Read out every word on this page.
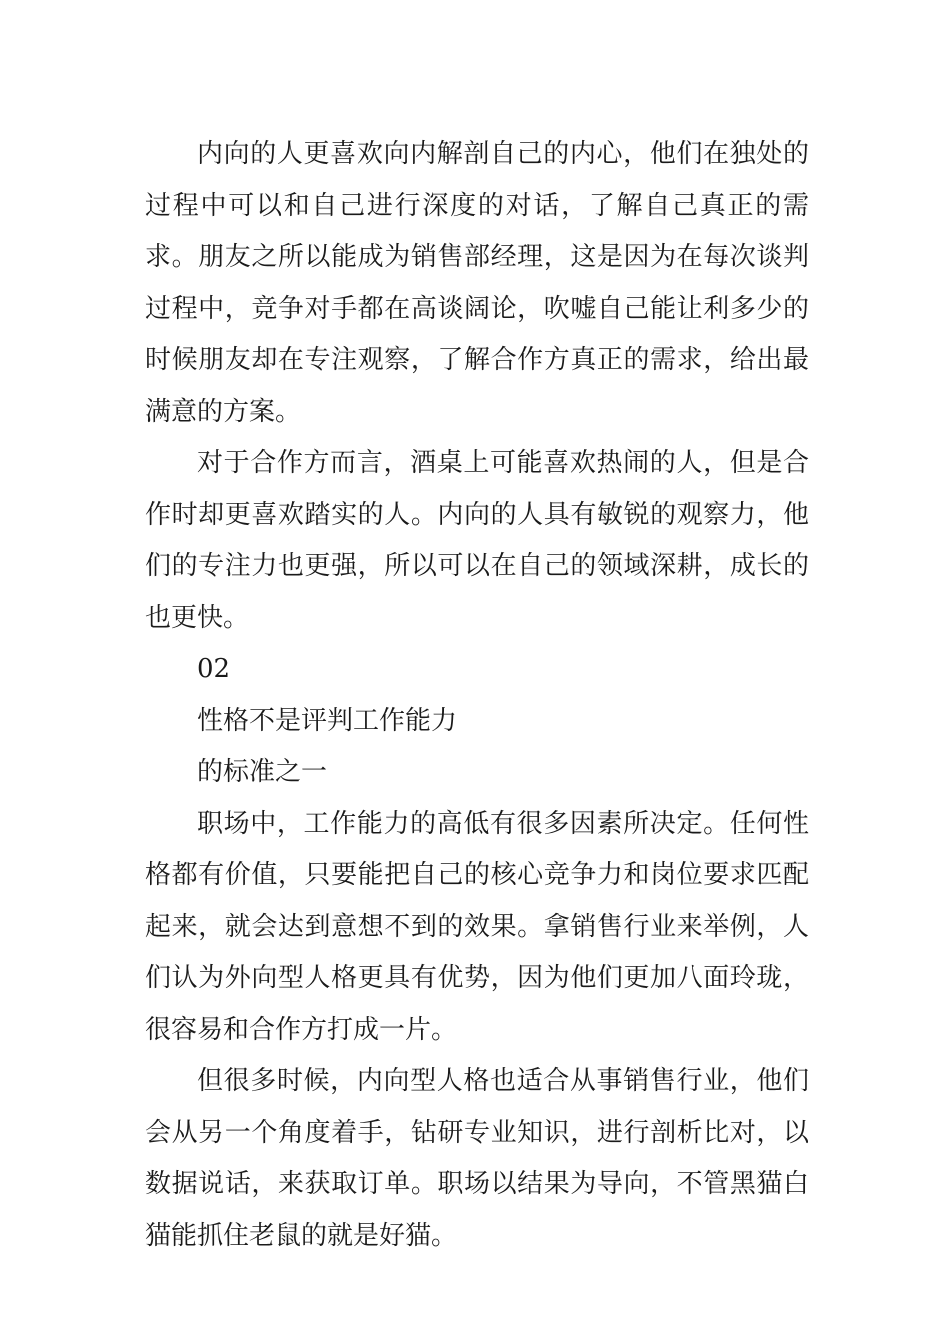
内向的人更喜欢向内解剖自己的内心，他们在独处的过程中可以和自己进行深度的对话，了解自己真正的需求。朋友之所以能成为销售部经理，这是因为在每次谈判过程中，竞争对手都在高谈阔论，吹嘘自己能让利多少的时候朋友却在专注观察，了解合作方真正的需求，给出最满意的方案。

对于合作方而言，酒桌上可能喜欢热闹的人，但是合作时却更喜欢踏实的人。内向的人具有敏锐的观察力，他们的专注力也更强，所以可以在自己的领域深耕，成长的也更快。

02

性格不是评判工作能力

的标准之一

职场中，工作能力的高低有很多因素所决定。任何性格都有价值，只要能把自己的核心竞争力和岗位要求匹配起来，就会达到意想不到的效果。拿销售行业来举例，人们认为外向型人格更具有优势，因为他们更加八面玲珑，很容易和合作方打成一片。

但很多时候，内向型人格也适合从事销售行业，他们会从另一个角度着手，钻研专业知识，进行剖析比对，以数据说话，来获取订单。职场以结果为导向，不管黑猫白猫能抓住老鼠的就是好猫。
